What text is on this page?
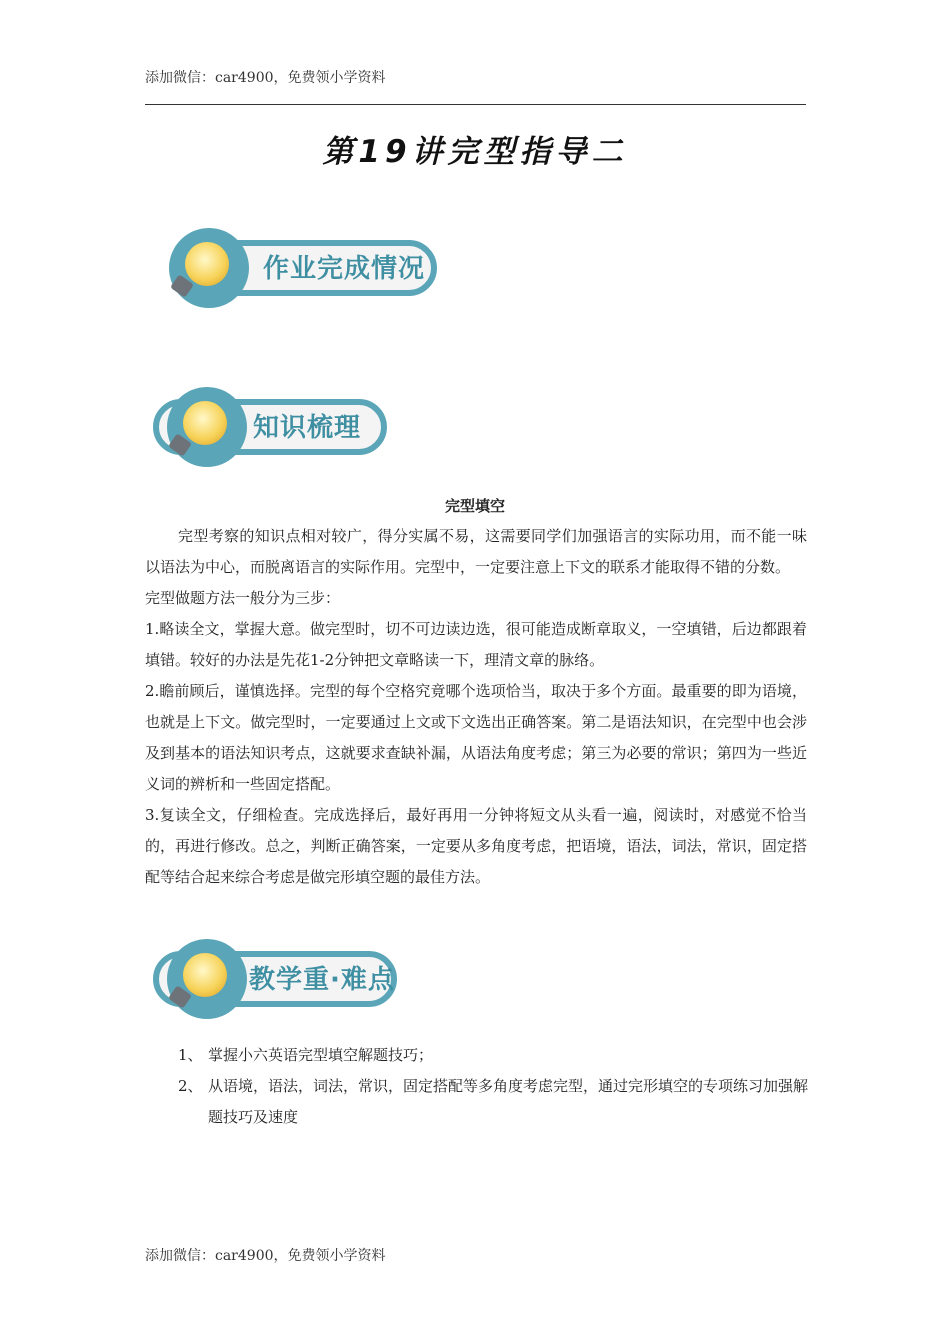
添加微信：car4900，免费领小学资料
第19讲完型指导二
作业完成情况
知识梳理
完型填空

完型考察的知识点相对较广，得分实属不易，这需要同学们加强语言的实际功用，而不能一味以语法为中心，而脱离语言的实际作用。完型中，一定要注意上下文的联系才能取得不错的分数。

完型做题方法一般分为三步：

1.略读全文，掌握大意。做完型时，切不可边读边选，很可能造成断章取义，一空填错，后边都跟着填错。较好的办法是先花1-2分钟把文章略读一下，理清文章的脉络。

2.瞻前顾后，谨慎选择。完型的每个空格究竟哪个选项恰当，取决于多个方面。最重要的即为语境，也就是上下文。做完型时，一定要通过上文或下文选出正确答案。第二是语法知识，在完型中也会涉及到基本的语法知识考点，这就要求查缺补漏，从语法角度考虑；第三为必要的常识；第四为一些近义词的辨析和一些固定搭配。

3.复读全文，仔细检查。完成选择后，最好再用一分钟将短文从头看一遍，阅读时，对感觉不恰当的，再进行修改。总之，判断正确答案，一定要从多角度考虑，把语境，语法，词法，常识，固定搭配等结合起来综合考虑是做完形填空题的最佳方法。

教学重·难点
1、 掌握小六英语完型填空解题技巧；
2、 从语境，语法，词法，常识，固定搭配等多角度考虑完型，通过完形填空的专项练习加强解题技巧及速度
添加微信：car4900，免费领小学资料
